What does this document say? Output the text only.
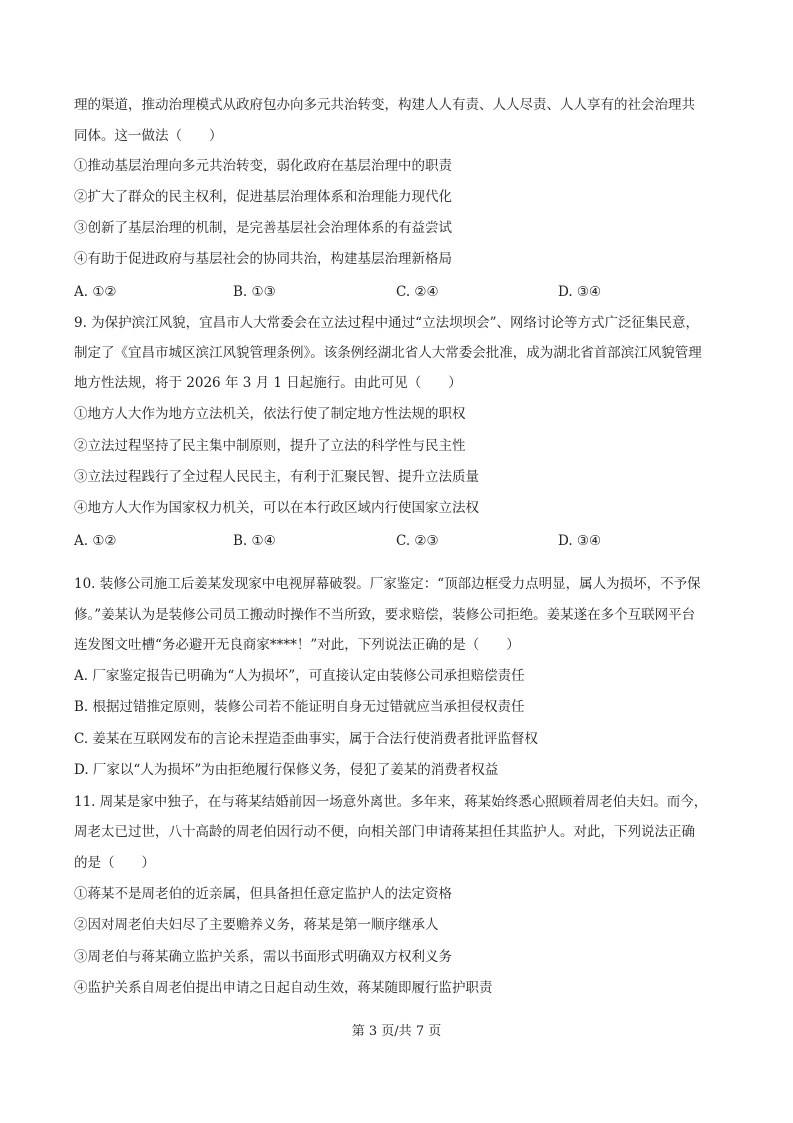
理的渠道，推动治理模式从政府包办向多元共治转变，构建人人有责、人人尽责、人人享有的社会治理共
同体。这一做法（　　）
①推动基层治理向多元共治转变，弱化政府在基层治理中的职责
②扩大了群众的民主权利，促进基层治理体系和治理能力现代化
③创新了基层治理的机制，是完善基层社会治理体系的有益尝试
④有助于促进政府与基层社会的协同共治，构建基层治理新格局
A. ①②	B. ①③	C. ②④	D. ③④
9. 为保护滨江风貌，宜昌市人大常委会在立法过程中通过“立法坝坝会”、网络讨论等方式广泛征集民意，
制定了《宜昌市城区滨江风貌管理条例》。该条例经湖北省人大常委会批准，成为湖北省首部滨江风貌管理
地方性法规，将于 2026 年 3 月 1 日起施行。由此可见（　　）
①地方人大作为地方立法机关，依法行使了制定地方性法规的职权
②立法过程坚持了民主集中制原则，提升了立法的科学性与民主性
③立法过程践行了全过程人民民主，有利于汇聚民智、提升立法质量
④地方人大作为国家权力机关，可以在本行政区域内行使国家立法权
A. ①②	B. ①④	C. ②③	D. ③④
10. 装修公司施工后姜某发现家中电视屏幕破裂。厂家鉴定：“顶部边框受力点明显，属人为损坏，不予保
修。”姜某认为是装修公司员工搬动时操作不当所致，要求赔偿，装修公司拒绝。姜某遂在多个互联网平台
连发图文吐槽“务必避开无良商家****！”对此，下列说法正确的是（　　）
A. 厂家鉴定报告已明确为“人为损坏”，可直接认定由装修公司承担赔偿责任
B. 根据过错推定原则，装修公司若不能证明自身无过错就应当承担侵权责任
C. 姜某在互联网发布的言论未捏造歪曲事实，属于合法行使消费者批评监督权
D. 厂家以“人为损坏”为由拒绝履行保修义务，侵犯了姜某的消费者权益
11. 周某是家中独子，在与蒋某结婚前因一场意外离世。多年来，蒋某始终悉心照顾着周老伯夫妇。而今，
周老太已过世，八十高龄的周老伯因行动不便，向相关部门申请蒋某担任其监护人。对此，下列说法正确
的是（　　）
①蒋某不是周老伯的近亲属，但具备担任意定监护人的法定资格
②因对周老伯夫妇尽了主要赡养义务，蒋某是第一顺序继承人
③周老伯与蒋某确立监护关系，需以书面形式明确双方权利义务
④监护关系自周老伯提出申请之日起自动生效，蒋某随即履行监护职责
第 3 页/共 7 页
